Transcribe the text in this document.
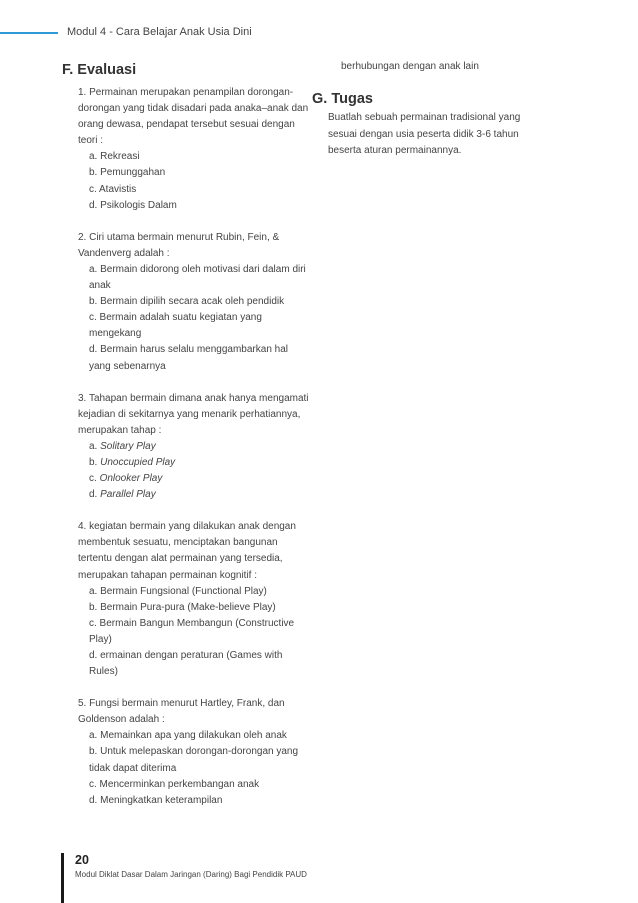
Modul 4 - Cara Belajar Anak Usia Dini
F. Evaluasi

1. Permainan merupakan penampilan dorongan- dorongan yang tidak disadari pada anaka–anak dan orang dewasa, pendapat tersebut sesuai dengan teori :

a. Rekreasi
b. Pemunggahan
c. Atavistis
d. Psikologis Dalam

2. Ciri utama bermain menurut Rubin, Fein, & Vandenverg adalah :

a. Bermain didorong oleh motivasi dari dalam diri anak
b. Bermain dipilih secara acak oleh pendidik
c. Bermain adalah suatu kegiatan yang mengekang
d. Bermain harus selalu menggambarkan hal yang sebenarnya

3. Tahapan bermain dimana anak hanya mengamati kejadian di sekitarnya yang menarik perhatiannya, merupakan tahap :

a. Solitary Play
b. Unoccupied Play
c. Onlooker Play
d. Parallel Play

4. kegiatan bermain yang dilakukan anak dengan membentuk sesuatu, menciptakan bangunan tertentu dengan alat permainan yang tersedia, merupakan tahapan permainan kognitif :

a. Bermain Fungsional (Functional Play)
b. Bermain Pura-pura (Make-believe Play)
c. Bermain Bangun Membangun (Constructive Play)
d. ermainan dengan peraturan (Games with Rules)

5. Fungsi bermain menurut Hartley, Frank, dan Goldenson adalah :

a. Memainkan apa yang dilakukan oleh anak
b. Untuk melepaskan dorongan-dorongan yang tidak dapat diterima
c. Mencerminkan perkembangan anak
d. Meningkatkan keterampilan
berhubungan dengan anak lain
G. Tugas

Buatlah sebuah permainan tradisional yang sesuai dengan usia peserta didik 3-6 tahun beserta aturan permainannya.

20
Modul Diklat Dasar Dalam Jaringan (Daring) Bagi Pendidik PAUD
